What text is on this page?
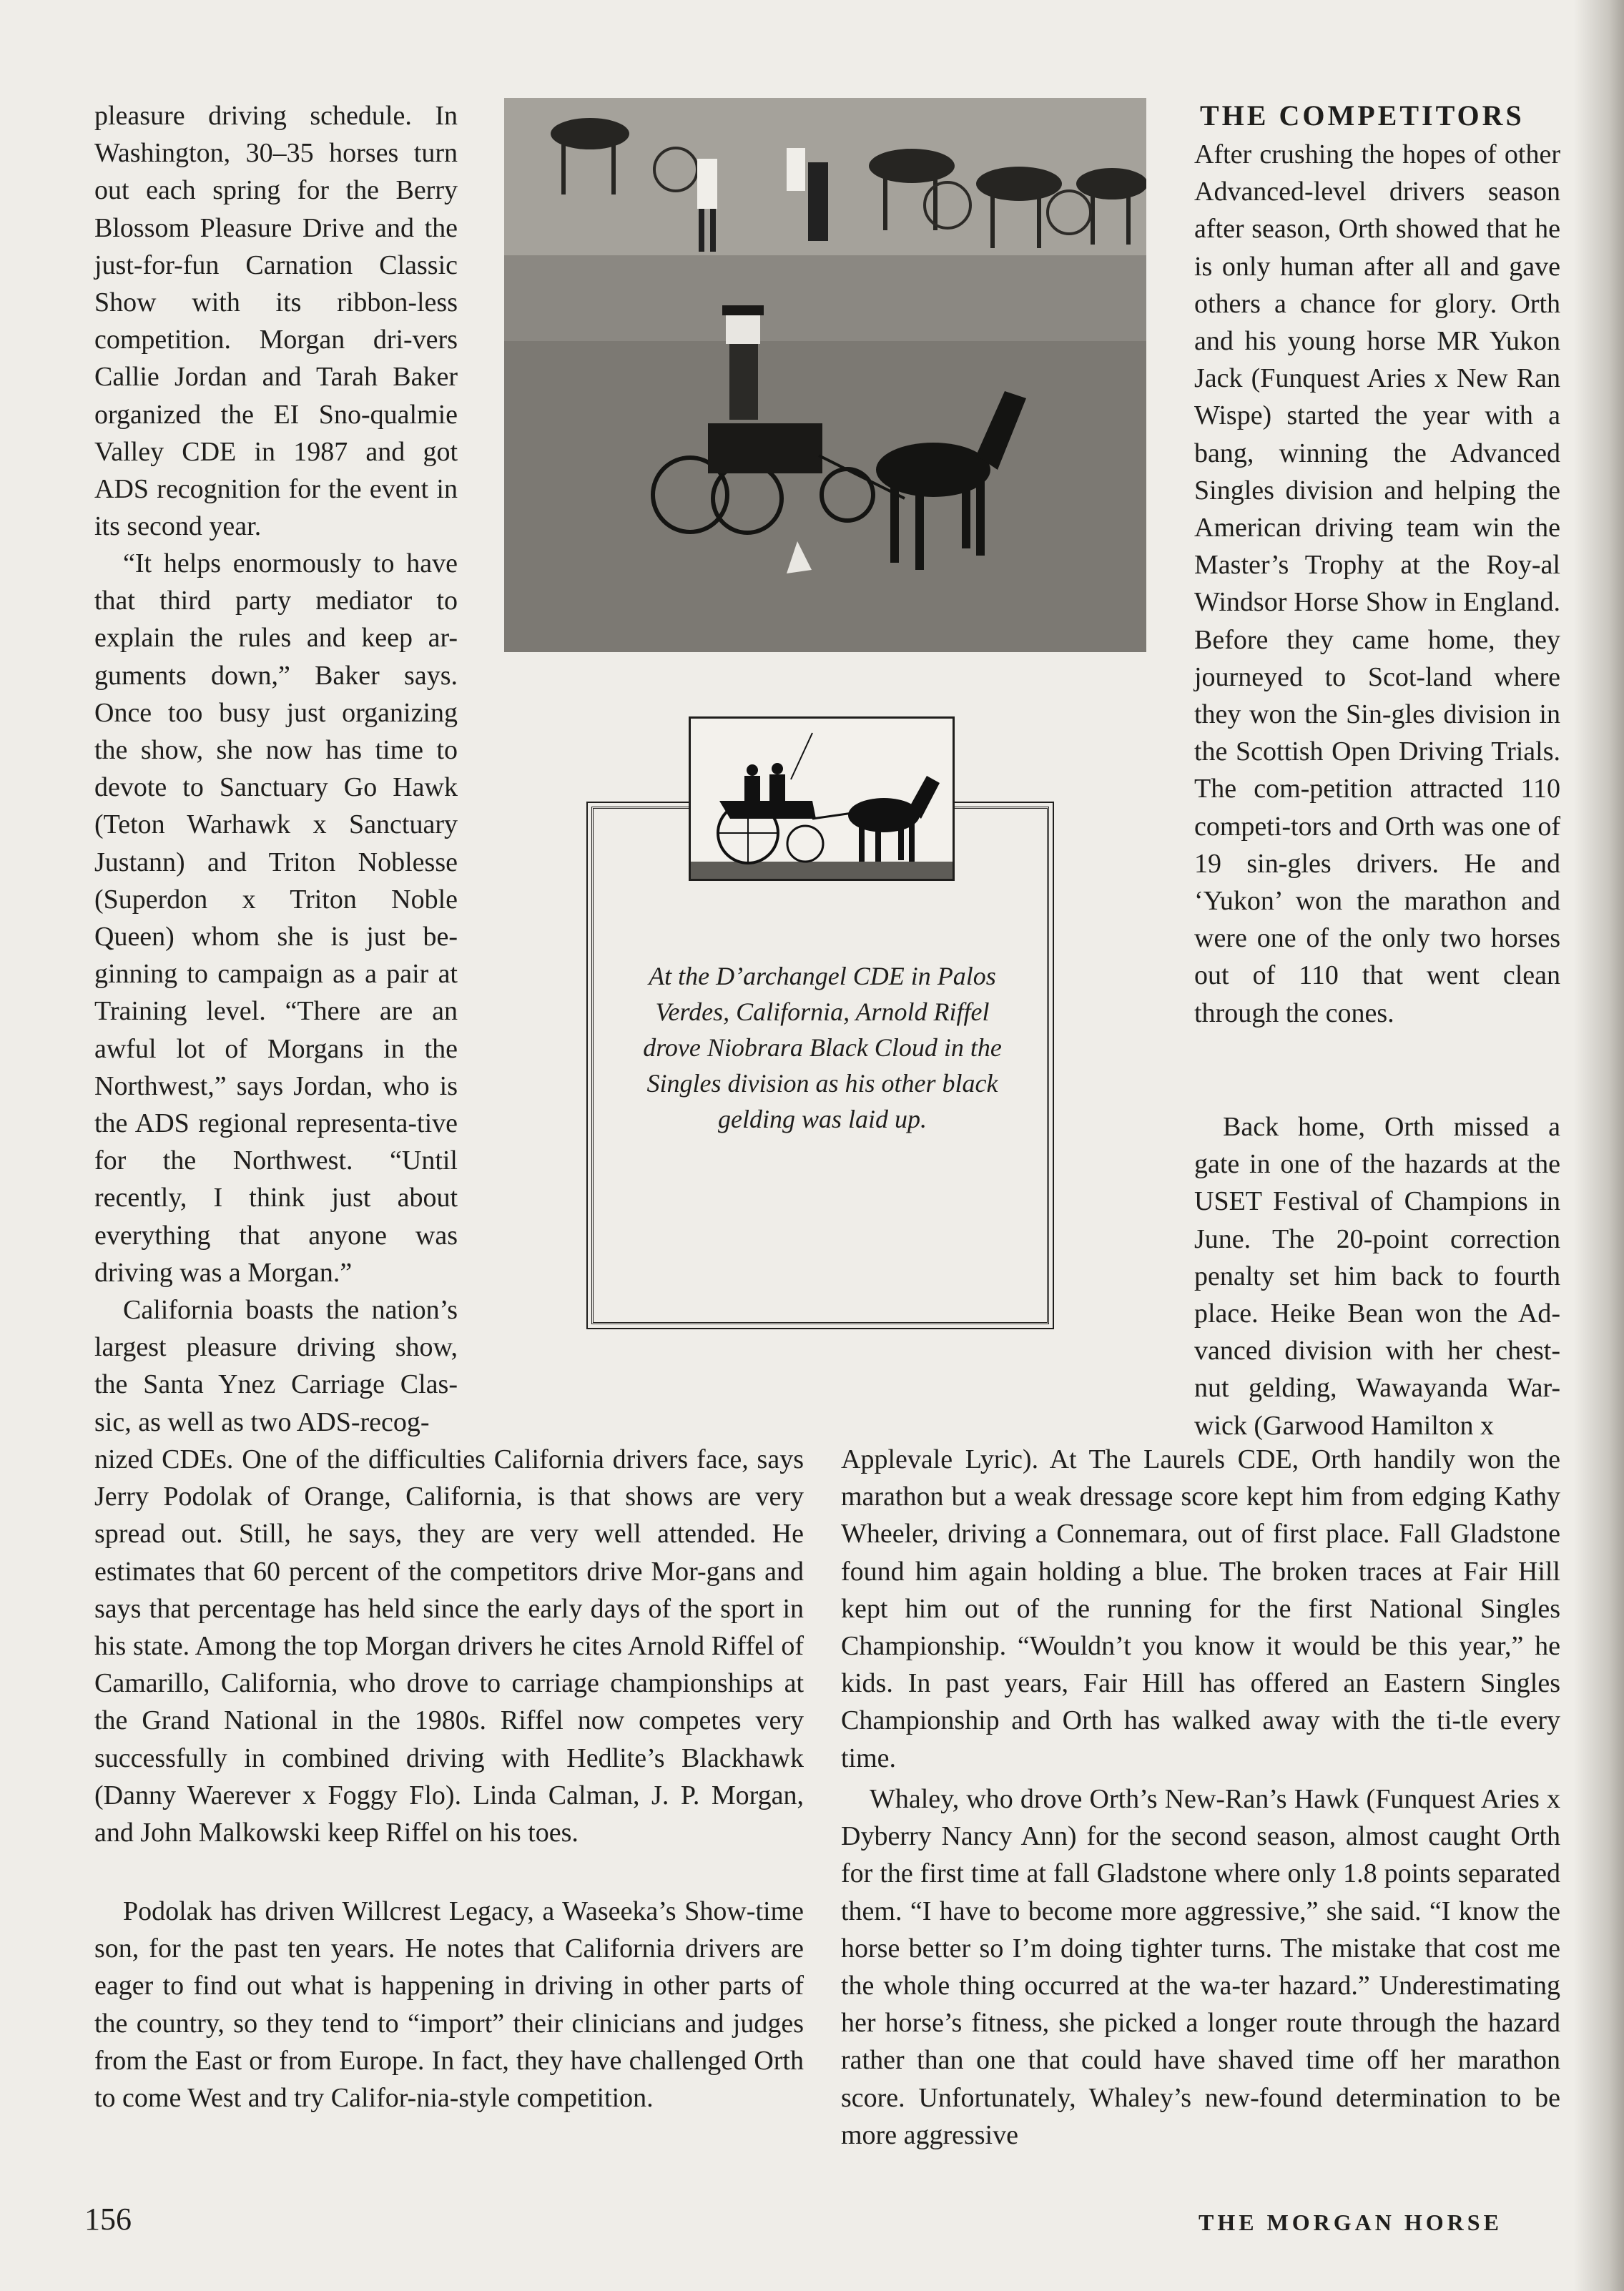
pleasure driving schedule. In Washington, 30–35 horses turn out each spring for the Berry Blossom Pleasure Drive and the just-for-fun Carnation Classic Show with its ribbon-less competition. Morgan dri-vers Callie Jordan and Tarah Baker organized the EI Sno-qualmie Valley CDE in 1987 and got ADS recognition for the event in its second year.

“It helps enormously to have that third party mediator to explain the rules and keep ar-guments down,” Baker says. Once too busy just organizing the show, she now has time to devote to Sanctuary Go Hawk (Teton Warhawk x Sanctuary Justann) and Triton Noblesse (Superdon x Triton Noble Queen) whom she is just be-ginning to campaign as a pair at Training level. “There are an awful lot of Morgans in the Northwest,” says Jordan, who is the ADS regional representa-tive for the Northwest. “Until recently, I think just about everything that anyone was driving was a Morgan.”

California boasts the nation’s largest pleasure driving show, the Santa Ynez Carriage Clas-sic, as well as two ADS-recog-

nized CDEs. One of the difficulties California drivers face, says Jerry Podolak of Orange, California, is that shows are very spread out. Still, he says, they are very well attended. He estimates that 60 percent of the competitors drive Mor-gans and says that percentage has held since the early days of the sport in his state. Among the top Morgan drivers he cites Arnold Riffel of Camarillo, California, who drove to carriage championships at the Grand National in the 1980s. Riffel now competes very successfully in combined driving with Hedlite’s Blackhawk (Danny Waerever x Foggy Flo). Linda Calman, J. P. Morgan, and John Malkowski keep Riffel on his toes.

Podolak has driven Willcrest Legacy, a Waseeka’s Show-time son, for the past ten years. He notes that California drivers are eager to find out what is happening in driving in other parts of the country, so they tend to “import” their clinicians and judges from the East or from Europe. In fact, they have challenged Orth to come West and try Califor-nia-style competition.

At the D’archangel CDE in Palos Verdes, California, Arnold Riffel drove Niobrara Black Cloud in the Singles division as his other black gelding was laid up.

THE COMPETITORS

After crushing the hopes of other Advanced-level drivers season after season, Orth showed that he is only human after all and gave others a chance for glory. Orth and his young horse MR Yukon Jack (Funquest Aries x New Ran Wispe) started the year with a bang, winning the Advanced Singles division and helping the American driving team win the Master’s Trophy at the Roy-al Windsor Horse Show in England. Before they came home, they journeyed to Scot-land where they won the Sin-gles division in the Scottish Open Driving Trials. The com-petition attracted 110 competi-tors and Orth was one of 19 sin-gles drivers. He and ‘Yukon’ won the marathon and were one of the only two horses out of 110 that went clean through the cones.

Back home, Orth missed a gate in one of the hazards at the USET Festival of Champions in June. The 20-point correction penalty set him back to fourth place. Heike Bean won the Ad-vanced division with her chest-nut gelding, Wawayanda War-wick (Garwood Hamilton x

Applevale Lyric). At The Laurels CDE, Orth handily won the marathon but a weak dressage score kept him from edging Kathy Wheeler, driving a Connemara, out of first place. Fall Gladstone found him again holding a blue. The broken traces at Fair Hill kept him out of the running for the first National Singles Championship. “Wouldn’t you know it would be this year,” he kids. In past years, Fair Hill has offered an Eastern Singles Championship and Orth has walked away with the ti-tle every time.

Whaley, who drove Orth’s New-Ran’s Hawk (Funquest Aries x Dyberry Nancy Ann) for the second season, almost caught Orth for the first time at fall Gladstone where only 1.8 points separated them. “I have to become more aggressive,” she said. “I know the horse better so I’m doing tighter turns. The mistake that cost me the whole thing occurred at the wa-ter hazard.” Underestimating her horse’s fitness, she picked a longer route through the hazard rather than one that could have shaved time off her marathon score. Unfortunately, Whaley’s new-found determination to be more aggressive

156	THE MORGAN HORSE
